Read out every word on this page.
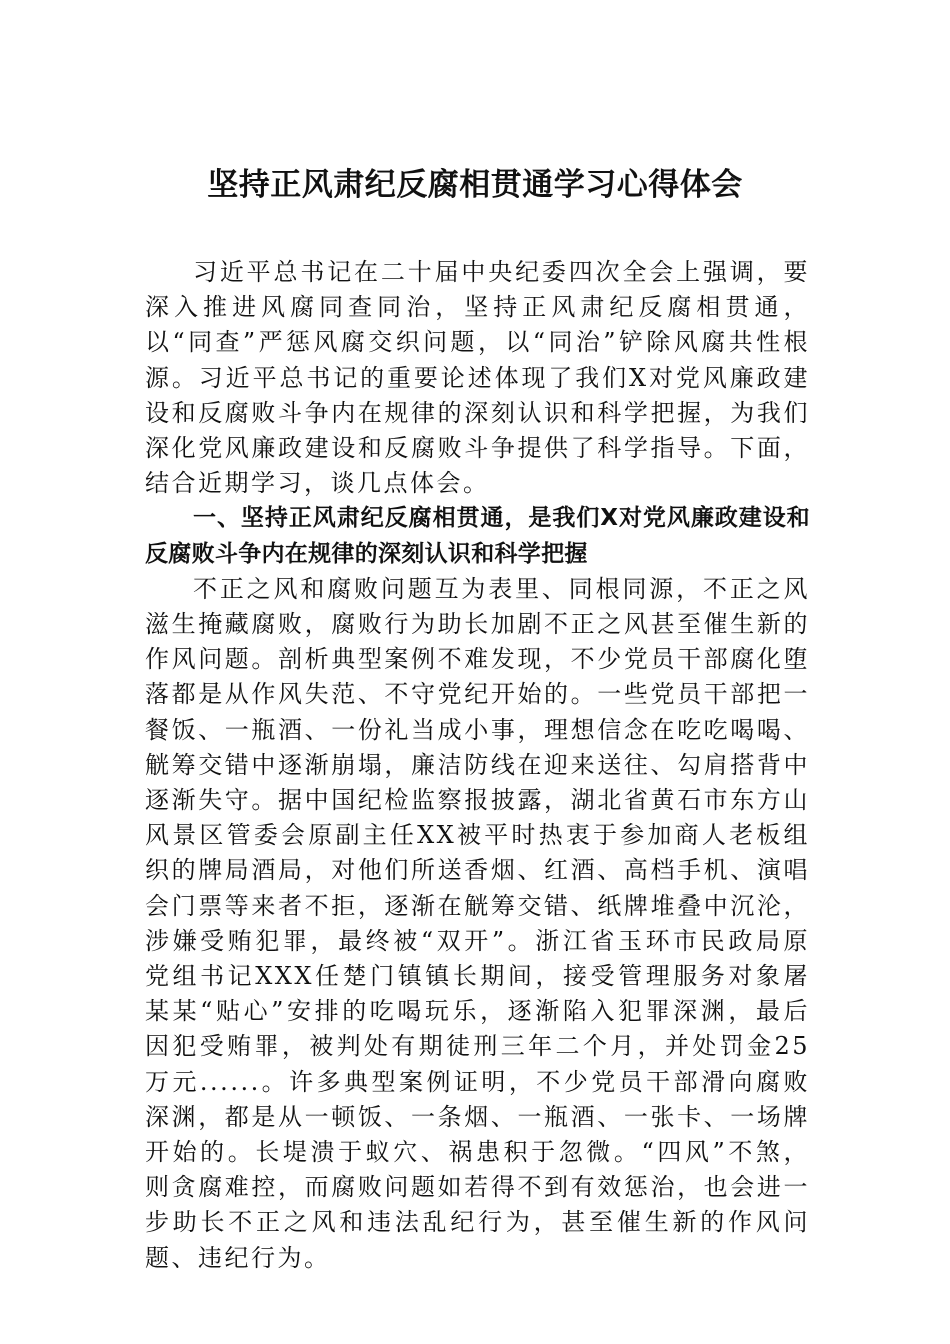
坚持正风肃纪反腐相贯通学习心得体会

习近平总书记在二十届中央纪委四次全会上强调，要深入推进风腐同查同治，坚持正风肃纪反腐相贯通，以“同查”严惩风腐交织问题，以“同治”铲除风腐共性根源。习近平总书记的重要论述体现了我们X对党风廉政建设和反腐败斗争内在规律的深刻认识和科学把握，为我们深化党风廉政建设和反腐败斗争提供了科学指导。下面，结合近期学习，谈几点体会。

一、坚持正风肃纪反腐相贯通，是我们X对党风廉政建设和反腐败斗争内在规律的深刻认识和科学把握

不正之风和腐败问题互为表里、同根同源，不正之风滋生掩藏腐败，腐败行为助长加剧不正之风甚至催生新的作风问题。剖析典型案例不难发现，不少党员干部腐化堕落都是从作风失范、不守党纪开始的。一些党员干部把一餐饭、一瓶酒、一份礼当成小事，理想信念在吃吃喝喝、觥筹交错中逐渐崩塌，廉洁防线在迎来送往、勾肩搭背中逐渐失守。据中国纪检监察报披露，湖北省黄石市东方山风景区管委会原副主任XX被平时热衷于参加商人老板组织的牌局酒局，对他们所送香烟、红酒、高档手机、演唱会门票等来者不拒，逐渐在觥筹交错、纸牌堆叠中沉沦，涉嫌受贿犯罪，最终被“双开”。浙江省玉环市民政局原党组书记XXX任楚门镇镇长期间，接受管理服务对象屠某某“贴心”安排的吃喝玩乐，逐渐陷入犯罪深渊，最后因犯受贿罪，被判处有期徒刑三年二个月，并处罚金25万元......。许多典型案例证明，不少党员干部滑向腐败深渊，都是从一顿饭、一条烟、一瓶酒、一张卡、一场牌开始的。长堤溃于蚁穴、祸患积于忽微。“四风”不煞，则贪腐难控，而腐败问题如若得不到有效惩治，也会进一步助长不正之风和违法乱纪行为，甚至催生新的作风问题、违纪行为。
